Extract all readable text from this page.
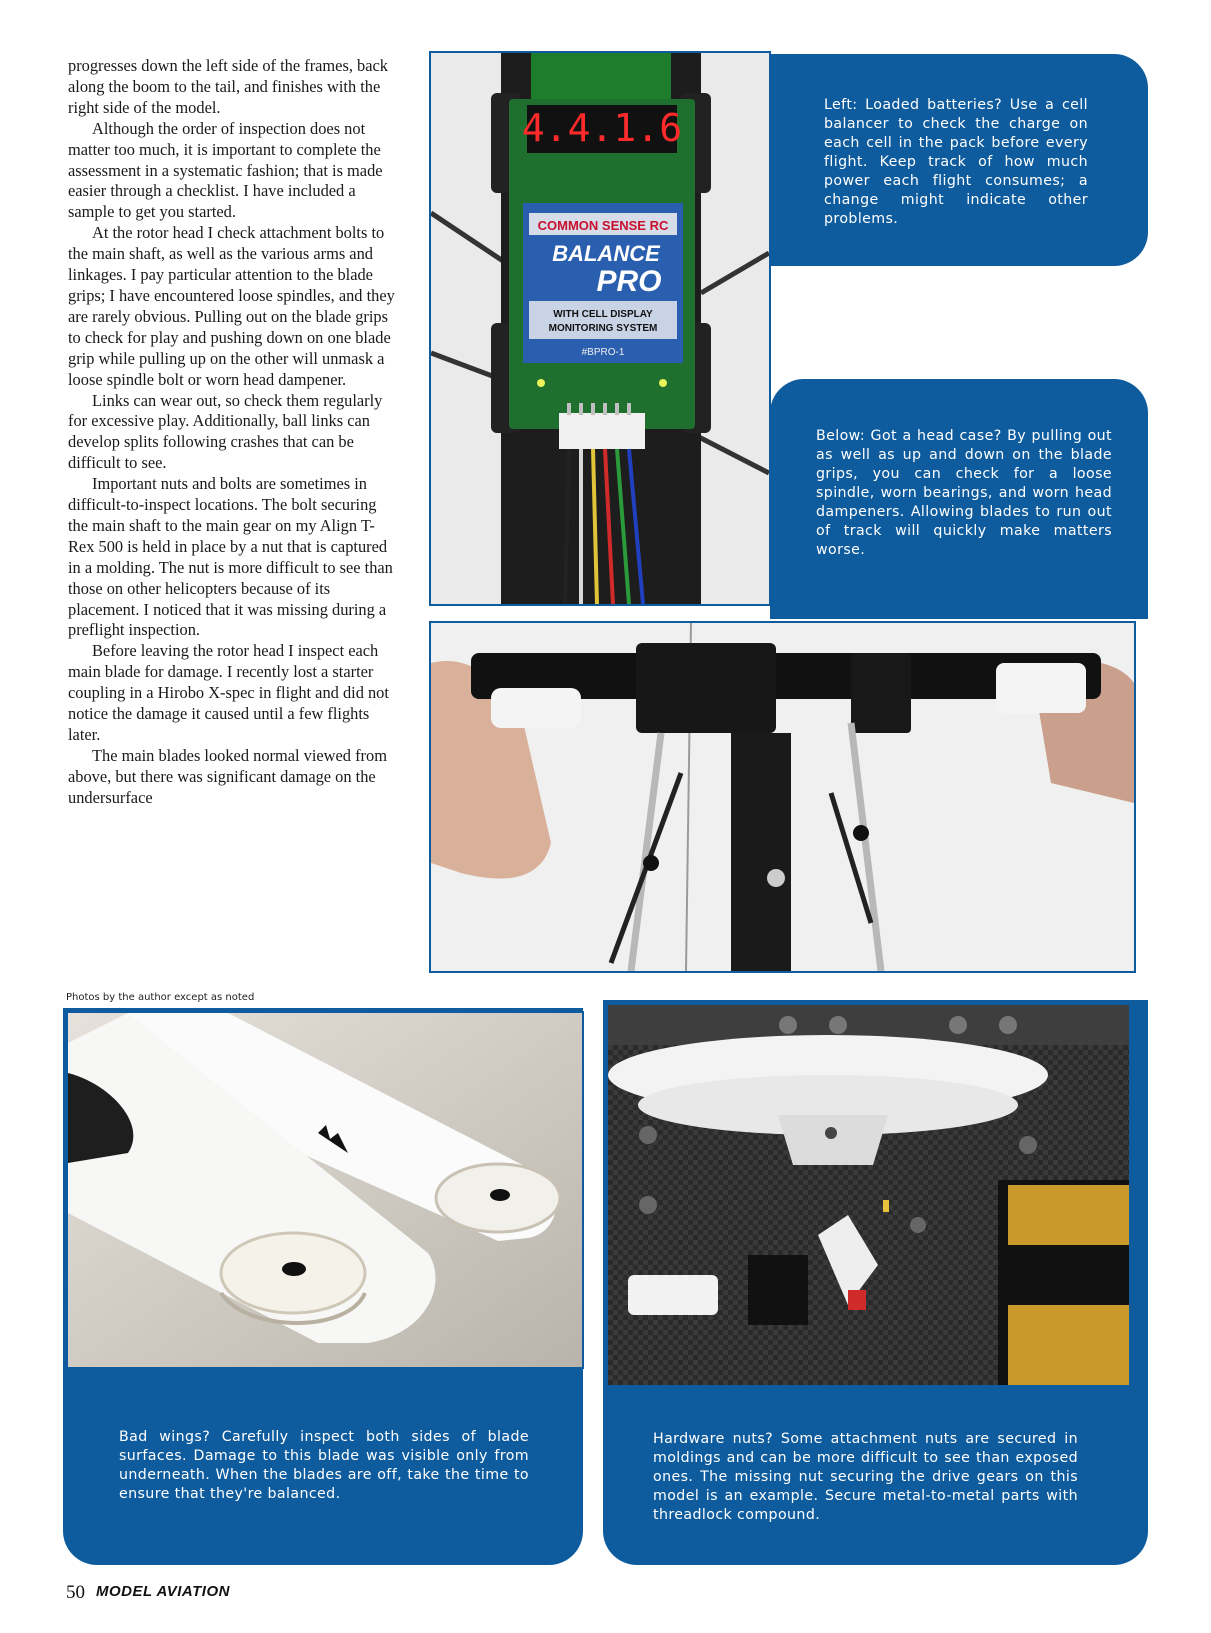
progresses down the left side of the frames, back along the boom to the tail, and finishes with the right side of the model.

Although the order of inspection does not matter too much, it is important to complete the assessment in a systematic fashion; that is made easier through a checklist. I have included a sample to get you started.

At the rotor head I check attachment bolts to the main shaft, as well as the various arms and linkages. I pay particular attention to the blade grips; I have encountered loose spindles, and they are rarely obvious. Pulling out on the blade grips to check for play and pushing down on one blade grip while pulling up on the other will unmask a loose spindle bolt or worn head dampener.

Links can wear out, so check them regularly for excessive play. Additionally, ball links can develop splits following crashes that can be difficult to see.

Important nuts and bolts are sometimes in difficult-to-inspect locations. The bolt securing the main shaft to the main gear on my Align T-Rex 500 is held in place by a nut that is captured in a molding. The nut is more difficult to see than those on other helicopters because of its placement. I noticed that it was missing during a preflight inspection.

Before leaving the rotor head I inspect each main blade for damage. I recently lost a starter coupling in a Hirobo X-spec in flight and did not notice the damage it caused until a few flights later.

The main blades looked normal viewed from above, but there was significant damage on the undersurface

Left: Loaded batteries? Use a cell balancer to check the charge on each cell in the pack before every flight. Keep track of how much power each flight consumes; a change might indicate other problems.
4.4.1.6
COMMON SENSE RC
BALANCE
PRO
WITH CELL DISPLAY
MONITORING SYSTEM
#BPRO-1
Below: Got a head case? By pulling out as well as up and down on the blade grips, you can check for a loose spindle, worn bearings, and worn head dampeners. Allowing blades to run out of track will quickly make matters worse.
Photos by the author except as noted
Bad wings? Carefully inspect both sides of blade surfaces. Damage to this blade was visible only from underneath. When the blades are off, take the time to ensure that they're balanced.
Hardware nuts? Some attachment nuts are secured in moldings and can be more difficult to see than exposed ones. The missing nut securing the drive gears on this model is an example. Secure metal-to-metal parts with threadlock compound.
50 MODEL AVIATION
